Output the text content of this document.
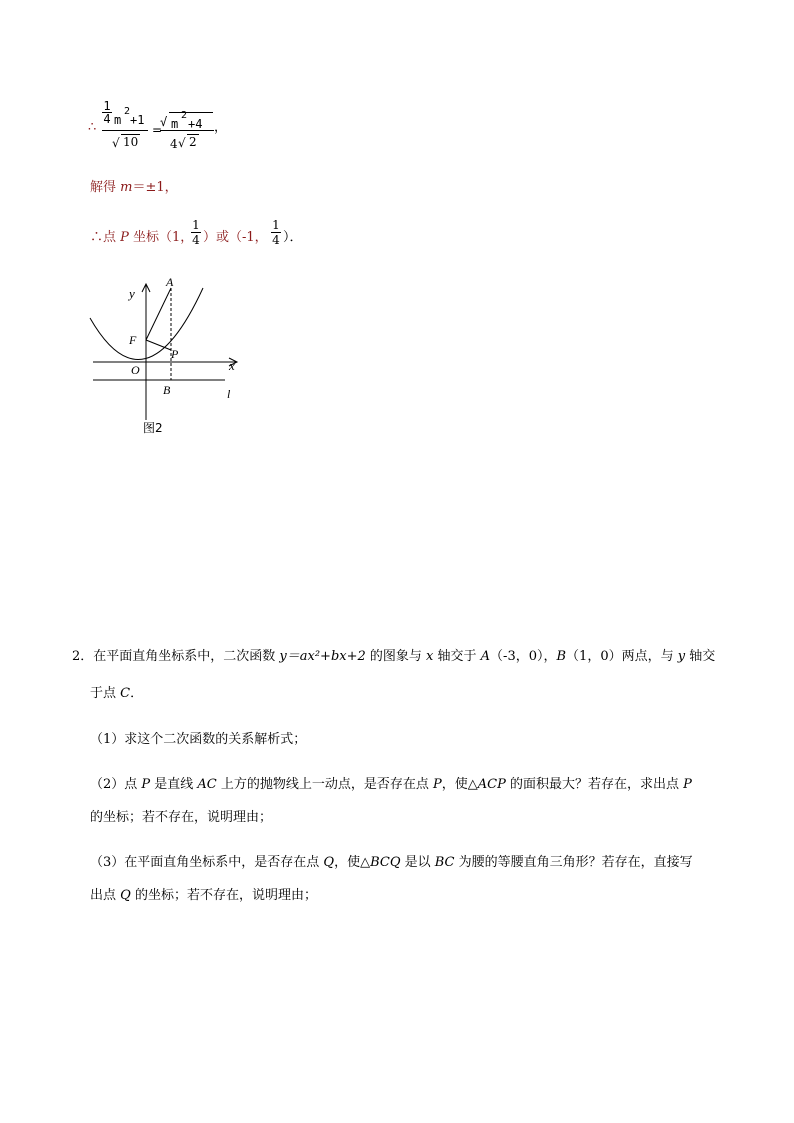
∴
1
4 m
2
+1
√ 10
=
√ m
2
+4
4 √ 2
，
解得 m＝±1，
∴点 P 坐标（1，
1
4 ）或（-1，
1
4 ）．
y
A
F
P
x
O
B	l
图2
2．在平面直角坐标系中，二次函数 y＝ax²+bx+2 的图象与 x 轴交于 A（-3，0），B（1，0）两点，与 y 轴交
于点 C．
（1）求这个二次函数的关系解析式；
（2）点 P 是直线 AC 上方的抛物线上一动点，是否存在点 P，使△ACP 的面积最大？若存在，求出点 P
的坐标；若不存在，说明理由；
（3）在平面直角坐标系中，是否存在点 Q，使△BCQ 是以 BC 为腰的等腰直角三角形？若存在，直接写
出点 Q 的坐标；若不存在，说明理由；
